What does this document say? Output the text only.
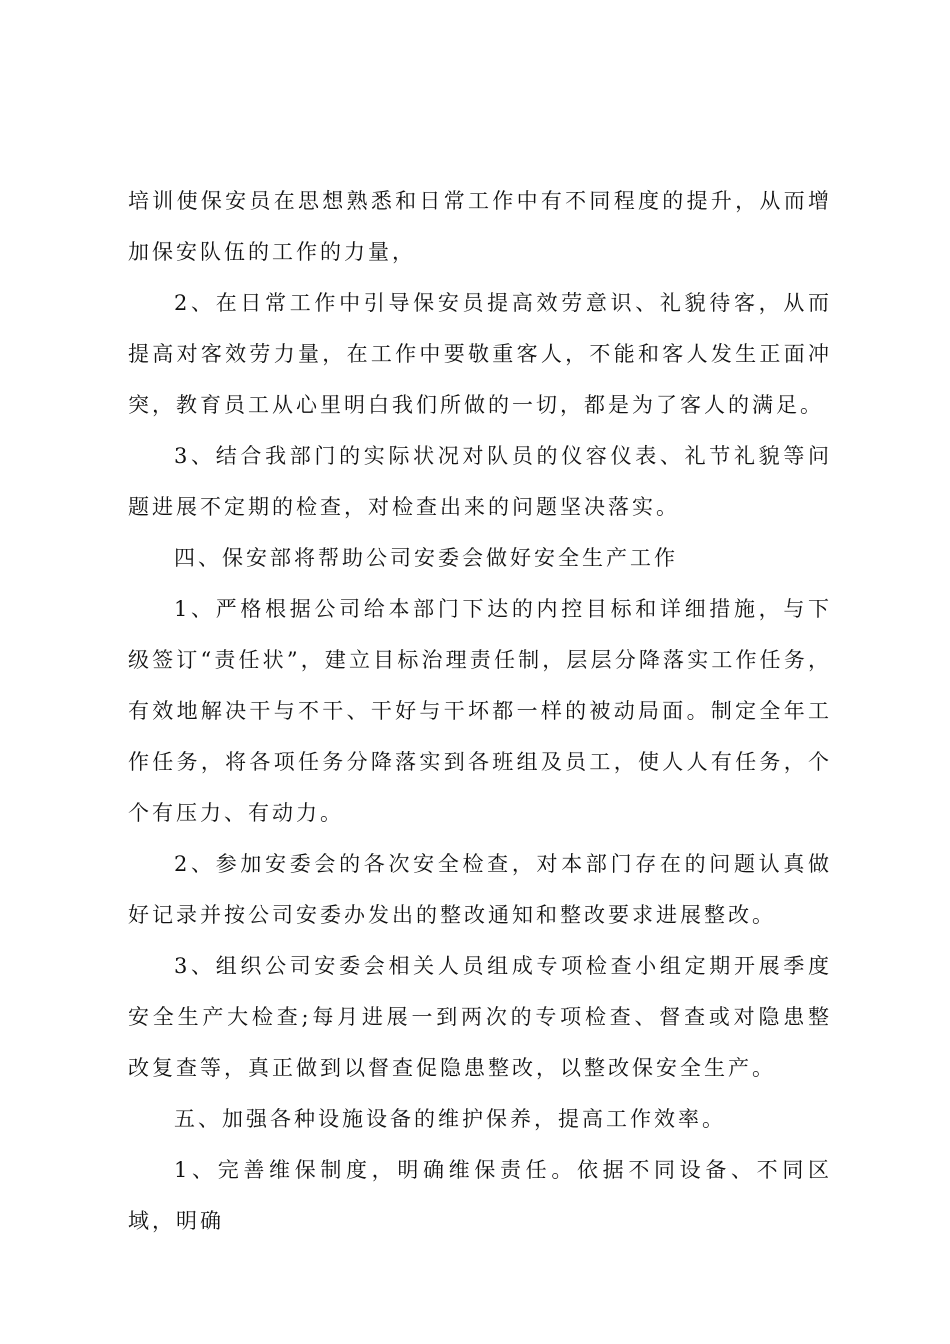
培训使保安员在思想熟悉和日常工作中有不同程度的提升，从而增加保安队伍的工作的力量，

2、在日常工作中引导保安员提高效劳意识、礼貌待客，从而提高对客效劳力量，在工作中要敬重客人，不能和客人发生正面冲突，教育员工从心里明白我们所做的一切，都是为了客人的满足。

3、结合我部门的实际状况对队员的仪容仪表、礼节礼貌等问题进展不定期的检查，对检查出来的问题坚决落实。

四、保安部将帮助公司安委会做好安全生产工作

1、严格根据公司给本部门下达的内控目标和详细措施，与下级签订“责任状”，建立目标治理责任制，层层分降落实工作任务，有效地解决干与不干、干好与干坏都一样的被动局面。制定全年工作任务，将各项任务分降落实到各班组及员工，使人人有任务，个个有压力、有动力。

2、参加安委会的各次安全检查，对本部门存在的问题认真做好记录并按公司安委办发出的整改通知和整改要求进展整改。

3、组织公司安委会相关人员组成专项检查小组定期开展季度安全生产大检查;每月进展一到两次的专项检查、督查或对隐患整改复查等，真正做到以督查促隐患整改，以整改保安全生产。

五、加强各种设施设备的维护保养，提高工作效率。

1、完善维保制度，明确维保责任。依据不同设备、不同区域，明确
